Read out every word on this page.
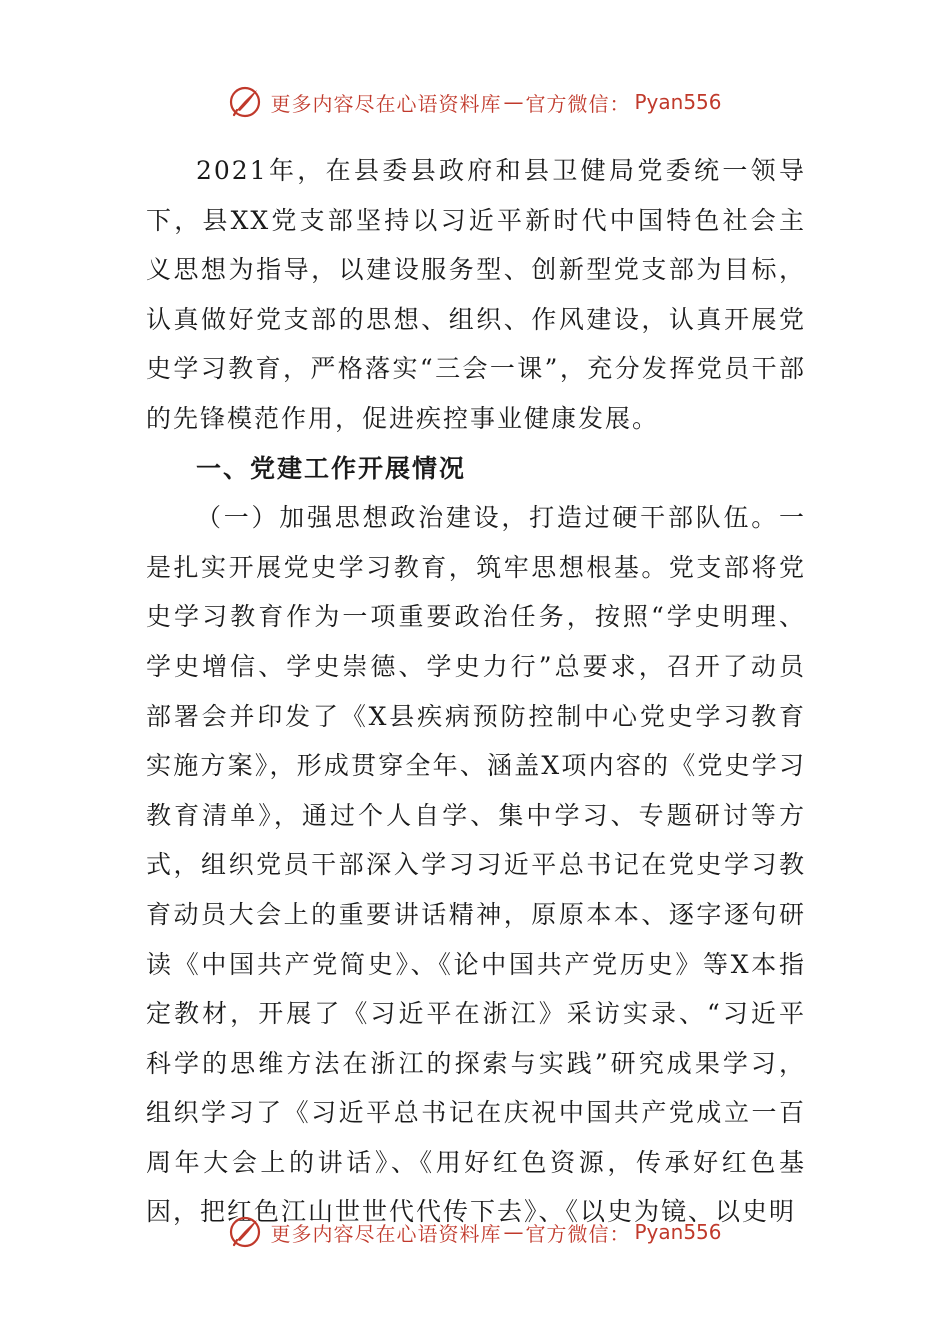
更多内容尽在心语资料库 — 官方微信： Pyan556

2021年，在县委县政府和县卫健局党委统一领导下，县XX党支部坚持以习近平新时代中国特色社会主义思想为指导，以建设服务型、创新型党支部为目标，认真做好党支部的思想、组织、作风建设，认真开展党史学习教育，严格落实“三会一课”，充分发挥党员干部的先锋模范作用，促进疾控事业健康发展。

一、党建工作开展情况

（一）加强思想政治建设，打造过硬干部队伍。一是扎实开展党史学习教育，筑牢思想根基。党支部将党史学习教育作为一项重要政治任务，按照“学史明理、学史增信、学史崇德、学史力行”总要求，召开了动员部署会并印发了《X县疾病预防控制中心党史学习教育实施方案》，形成贯穿全年、涵盖X项内容的《党史学习教育清单》，通过个人自学、集中学习、专题研讨等方式，组织党员干部深入学习习近平总书记在党史学习教育动员大会上的重要讲话精神，原原本本、逐字逐句研读《中国共产党简史》、《论中国共产党历史》等X本指定教材，开展了《习近平在浙江》采访实录、“习近平科学的思维方法在浙江的探索与实践”研究成果学习，组织学习了《习近平总书记在庆祝中国共产党成立一百周年大会上的讲话》、《用好红色资源，传承好红色基因，把红色江山世世代代传下去》、《以史为镜、以史明

更多内容尽在心语资料库 — 官方微信： Pyan556
